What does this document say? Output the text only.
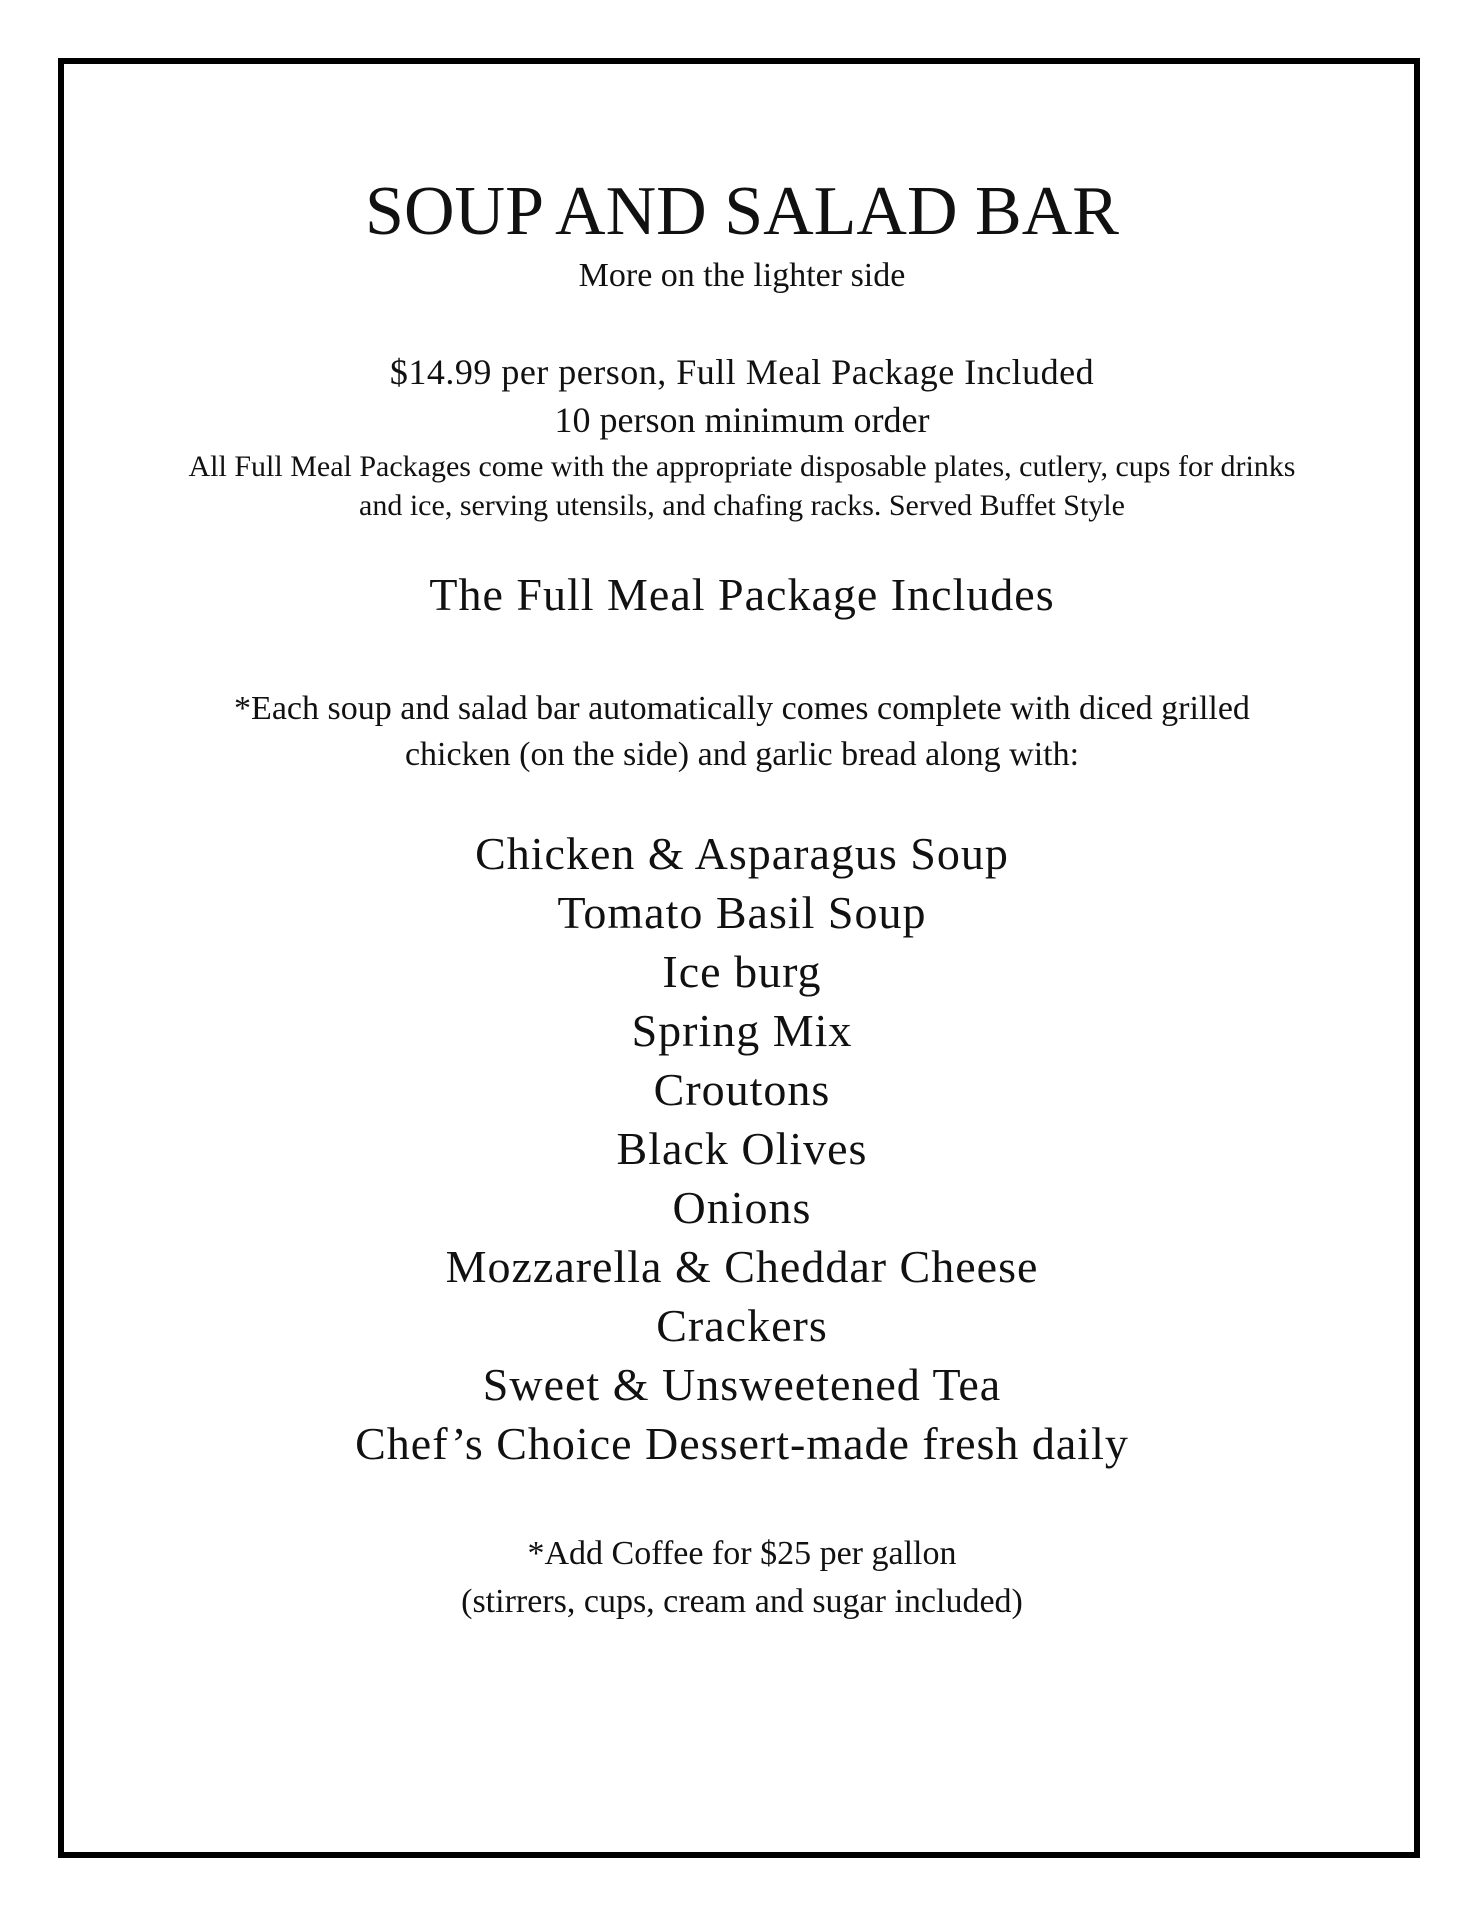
SOUP AND SALAD BAR
More on the lighter side
$14.99 per person, Full Meal Package Included
10 person minimum order
All Full Meal Packages come with the appropriate disposable plates, cutlery, cups for drinks and ice, serving utensils, and chafing racks. Served Buffet Style
The Full Meal Package Includes
*Each soup and salad bar automatically comes complete with diced grilled chicken (on the side) and garlic bread along with:
Chicken & Asparagus Soup
Tomato Basil Soup
Ice burg
Spring Mix
Croutons
Black Olives
Onions
Mozzarella & Cheddar Cheese
Crackers
Sweet & Unsweetened Tea
Chef’s Choice Dessert-made fresh daily
*Add Coffee for $25 per gallon
(stirrers, cups, cream and sugar included)
